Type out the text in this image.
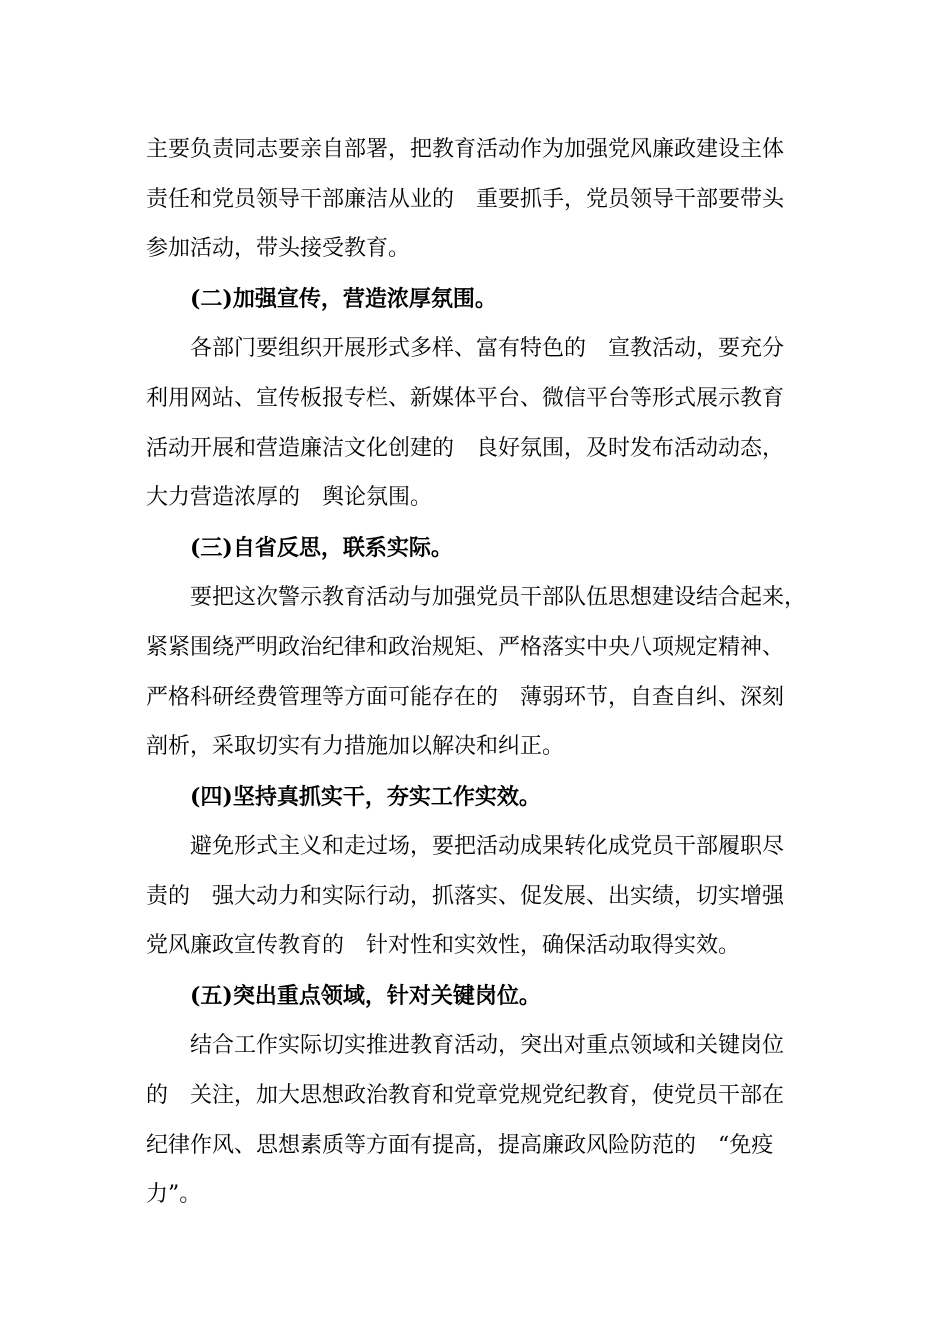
主要负责同志要亲自部署，把教育活动作为加强党风廉政建设主体
责任和党员领导干部廉洁从业的　重要抓手，党员领导干部要带头
参加活动，带头接受教育。
(二)加强宣传，营造浓厚氛围。
各部门要组织开展形式多样、富有特色的　宣教活动，要充分
利用网站、宣传板报专栏、新媒体平台、微信平台等形式展示教育
活动开展和营造廉洁文化创建的　良好氛围，及时发布活动动态，
大力营造浓厚的　舆论氛围。
(三)自省反思，联系实际。
要把这次警示教育活动与加强党员干部队伍思想建设结合起来，
紧紧围绕严明政治纪律和政治规矩、严格落实中央八项规定精神、
严格科研经费管理等方面可能存在的　薄弱环节，自查自纠、深刻
剖析，采取切实有力措施加以解决和纠正。
(四)坚持真抓实干，夯实工作实效。
避免形式主义和走过场，要把活动成果转化成党员干部履职尽
责的　强大动力和实际行动，抓落实、促发展、出实绩，切实增强
党风廉政宣传教育的　针对性和实效性，确保活动取得实效。
(五)突出重点领域，针对关键岗位。
结合工作实际切实推进教育活动，突出对重点领域和关键岗位
的　关注，加大思想政治教育和党章党规党纪教育，使党员干部在
纪律作风、思想素质等方面有提高，提高廉政风险防范的　“免疫
力”。
